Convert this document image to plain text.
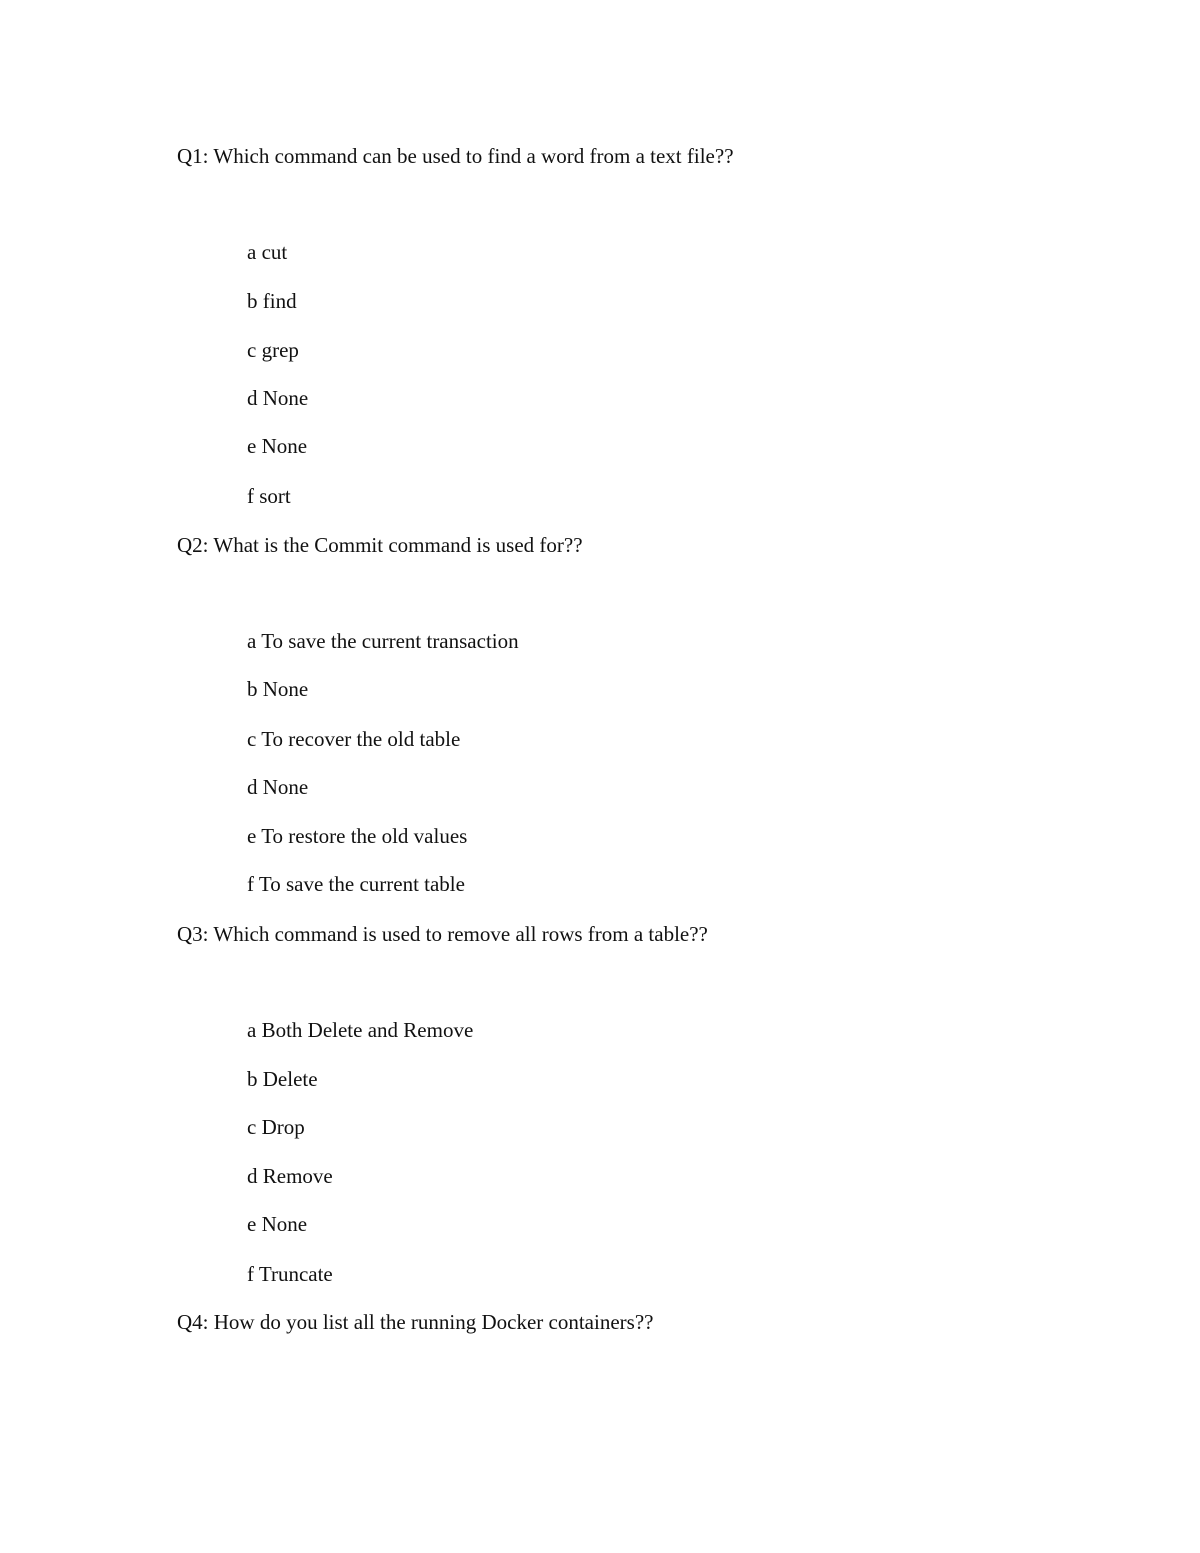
Q1: Which command can be used to find a word from a text file??
a cut
b find
c grep
d None
e None
f sort
Q2: What is the Commit command is used for??
a To save the current transaction
b None
c To recover the old table
d None
e To restore the old values
f To save the current table
Q3: Which command is used to remove all rows from a table??
a Both Delete and Remove
b Delete
c Drop
d Remove
e None
f Truncate
Q4: How do you list all the running Docker containers??
